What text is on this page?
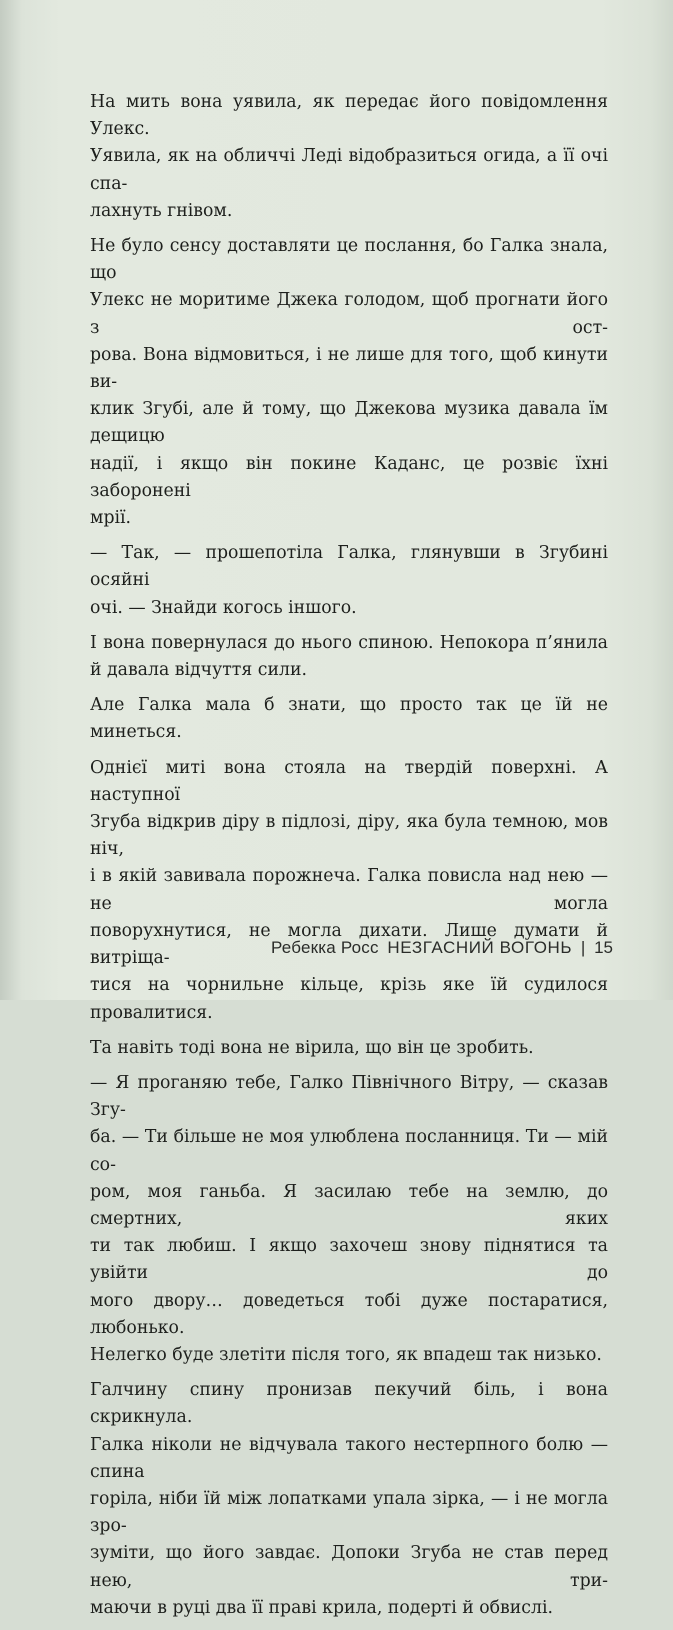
На мить вона уявила, як передає його повідомлення Улекс.
Уявила, як на обличчі Леді відобразиться огида, а її очі спа-
лахнуть гнівом.

Не було сенсу доставляти це послання, бо Галка знала, що
Улекс не моритиме Джека голодом, щоб прогнати його з ост-
рова. Вона відмовиться, і не лише для того, щоб кинути ви-
клик Згубі, але й тому, що Джекова музика давала їм дещицю
надії, і якщо він покине Каданс, це розвіє їхні заборонені
мрії.

— Так, — прошепотіла Галка, глянувши в Згубині осяйні
очі. — Знайди когось іншого.

І вона повернулася до нього спиною. Непокора п’янила
й давала відчуття сили.

Але Галка мала б знати, що просто так це їй не минеться.

Однієї миті вона стояла на твердій поверхні. А наступної
Згуба відкрив діру в підлозі, діру, яка була темною, мов ніч,
і в якій завивала порожнеча. Галка повисла над нею — не могла
поворухнутися, не могла дихати. Лише думати й витріща-
тися на чорнильне кільце, крізь яке їй судилося провалитися.

Та навіть тоді вона не вірила, що він це зробить.

— Я проганяю тебе, Галко Північного Вітру, — сказав Згу-
ба. — Ти більше не моя улюблена посланниця. Ти — мій со-
ром, моя ганьба. Я засилаю тебе на землю, до смертних, яких
ти так любиш. І якщо захочеш знову піднятися та увійти до
мого двору… доведеться тобі дуже постаратися, любонько.
Нелегко буде злетіти після того, як впадеш так низько.

Галчину спину пронизав пекучий біль, і вона скрикнула.
Галка ніколи не відчувала такого нестерпного болю — спина
горіла, ніби їй між лопатками упала зірка, — і не могла зро-
зуміти, що його завдає. Допоки Згуба не став перед нею, три-
маючи в руці два її праві крила, подерті й обвислі.

Ребекка Росс НЕЗГАСНИЙ ВОГОНЬ | 15
